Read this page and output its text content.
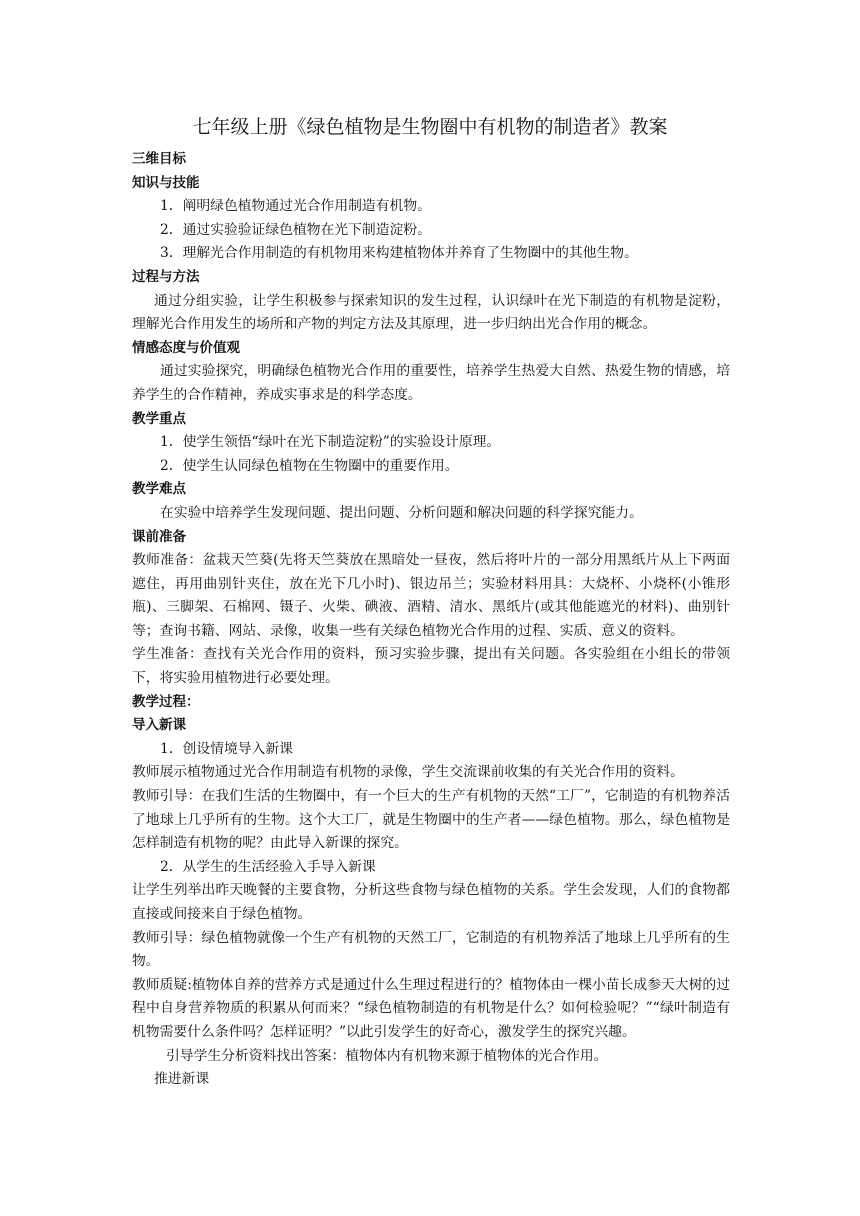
七年级上册《绿色植物是生物圈中有机物的制造者》教案
三维目标
知识与技能
1．阐明绿色植物通过光合作用制造有机物。
2．通过实验验证绿色植物在光下制造淀粉。
3．理解光合作用制造的有机物用来构建植物体并养育了生物圈中的其他生物。
过程与方法
通过分组实验，让学生积极参与探索知识的发生过程，认识绿叶在光下制造的有机物是淀粉，理解光合作用发生的场所和产物的判定方法及其原理，进一步归纳出光合作用的概念。
情感态度与价值观
通过实验探究，明确绿色植物光合作用的重要性，培养学生热爱大自然、热爱生物的情感，培养学生的合作精神，养成实事求是的科学态度。
教学重点
1．使学生领悟“绿叶在光下制造淀粉”的实验设计原理。
2．使学生认同绿色植物在生物圈中的重要作用。
教学难点
在实验中培养学生发现问题、提出问题、分析问题和解决问题的科学探究能力。
课前准备
教师准备：盆栽天竺葵(先将天竺葵放在黑暗处一昼夜，然后将叶片的一部分用黑纸片从上下两面遮住，再用曲别针夹住，放在光下几小时)、银边吊兰；实验材料用具：大烧杯、小烧杯(小锥形瓶)、三脚架、石棉网、镊子、火柴、碘液、酒精、清水、黑纸片(或其他能遮光的材料)、曲别针等；查询书籍、网站、录像，收集一些有关绿色植物光合作用的过程、实质、意义的资料。
学生准备：查找有关光合作用的资料，预习实验步骤，提出有关问题。各实验组在小组长的带领下，将实验用植物进行必要处理。
教学过程：
导入新课
1．创设情境导入新课
教师展示植物通过光合作用制造有机物的录像，学生交流课前收集的有关光合作用的资料。
教师引导：在我们生活的生物圈中，有一个巨大的生产有机物的天然“工厂”，它制造的有机物养活了地球上几乎所有的生物。这个大工厂，就是生物圈中的生产者——绿色植物。那么，绿色植物是怎样制造有机物的呢？由此导入新课的探究。
2．从学生的生活经验入手导入新课
让学生列举出昨天晚餐的主要食物，分析这些食物与绿色植物的关系。学生会发现，人们的食物都直接或间接来自于绿色植物。
教师引导：绿色植物就像一个生产有机物的天然工厂，它制造的有机物养活了地球上几乎所有的生物。
教师质疑:植物体自养的营养方式是通过什么生理过程进行的？植物体由一棵小苗长成参天大树的过程中自身营养物质的积累从何而来？“绿色植物制造的有机物是什么？如何检验呢？”“绿叶制造有机物需要什么条件吗？怎样证明？”以此引发学生的好奇心，激发学生的探究兴趣。
引导学生分析资料找出答案：植物体内有机物来源于植物体的光合作用。
推进新课
